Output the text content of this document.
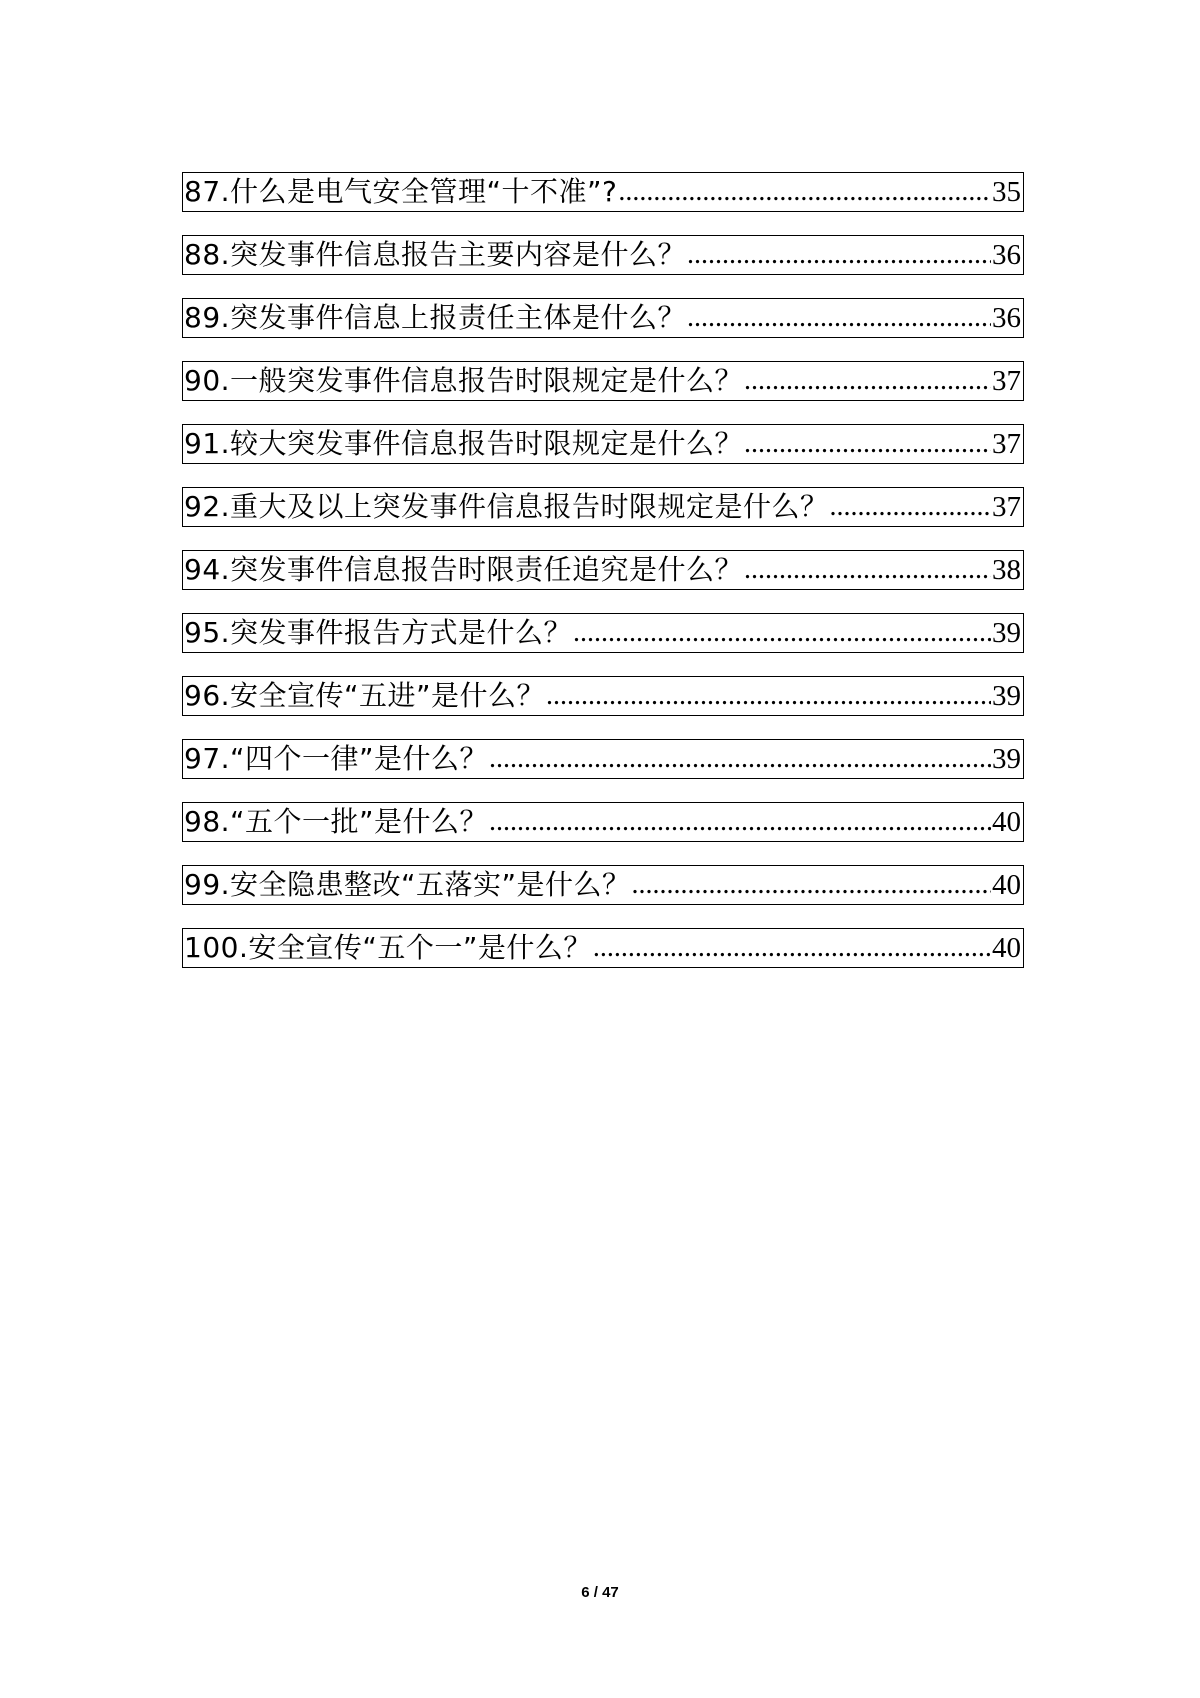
87.什么是电气安全管理“十不准”? .....	35
88.突发事件信息报告主要内容是什么？ .....	36
89.突发事件信息上报责任主体是什么？ .....	36
90.一般突发事件信息报告时限规定是什么？ .....	37
91.较大突发事件信息报告时限规定是什么？ .....	37
92.重大及以上突发事件信息报告时限规定是什么？ .....	37
94.突发事件信息报告时限责任追究是什么？ .....	38
95.突发事件报告方式是什么？ .....	39
96.安全宣传“五进”是什么？ .....	39
97.“四个一律”是什么？ .....	39
98.“五个一批”是什么？ .....	40
99.安全隐患整改“五落实”是什么？ .....	40
100.安全宣传“五个一”是什么？ .....	40
6 / 47
